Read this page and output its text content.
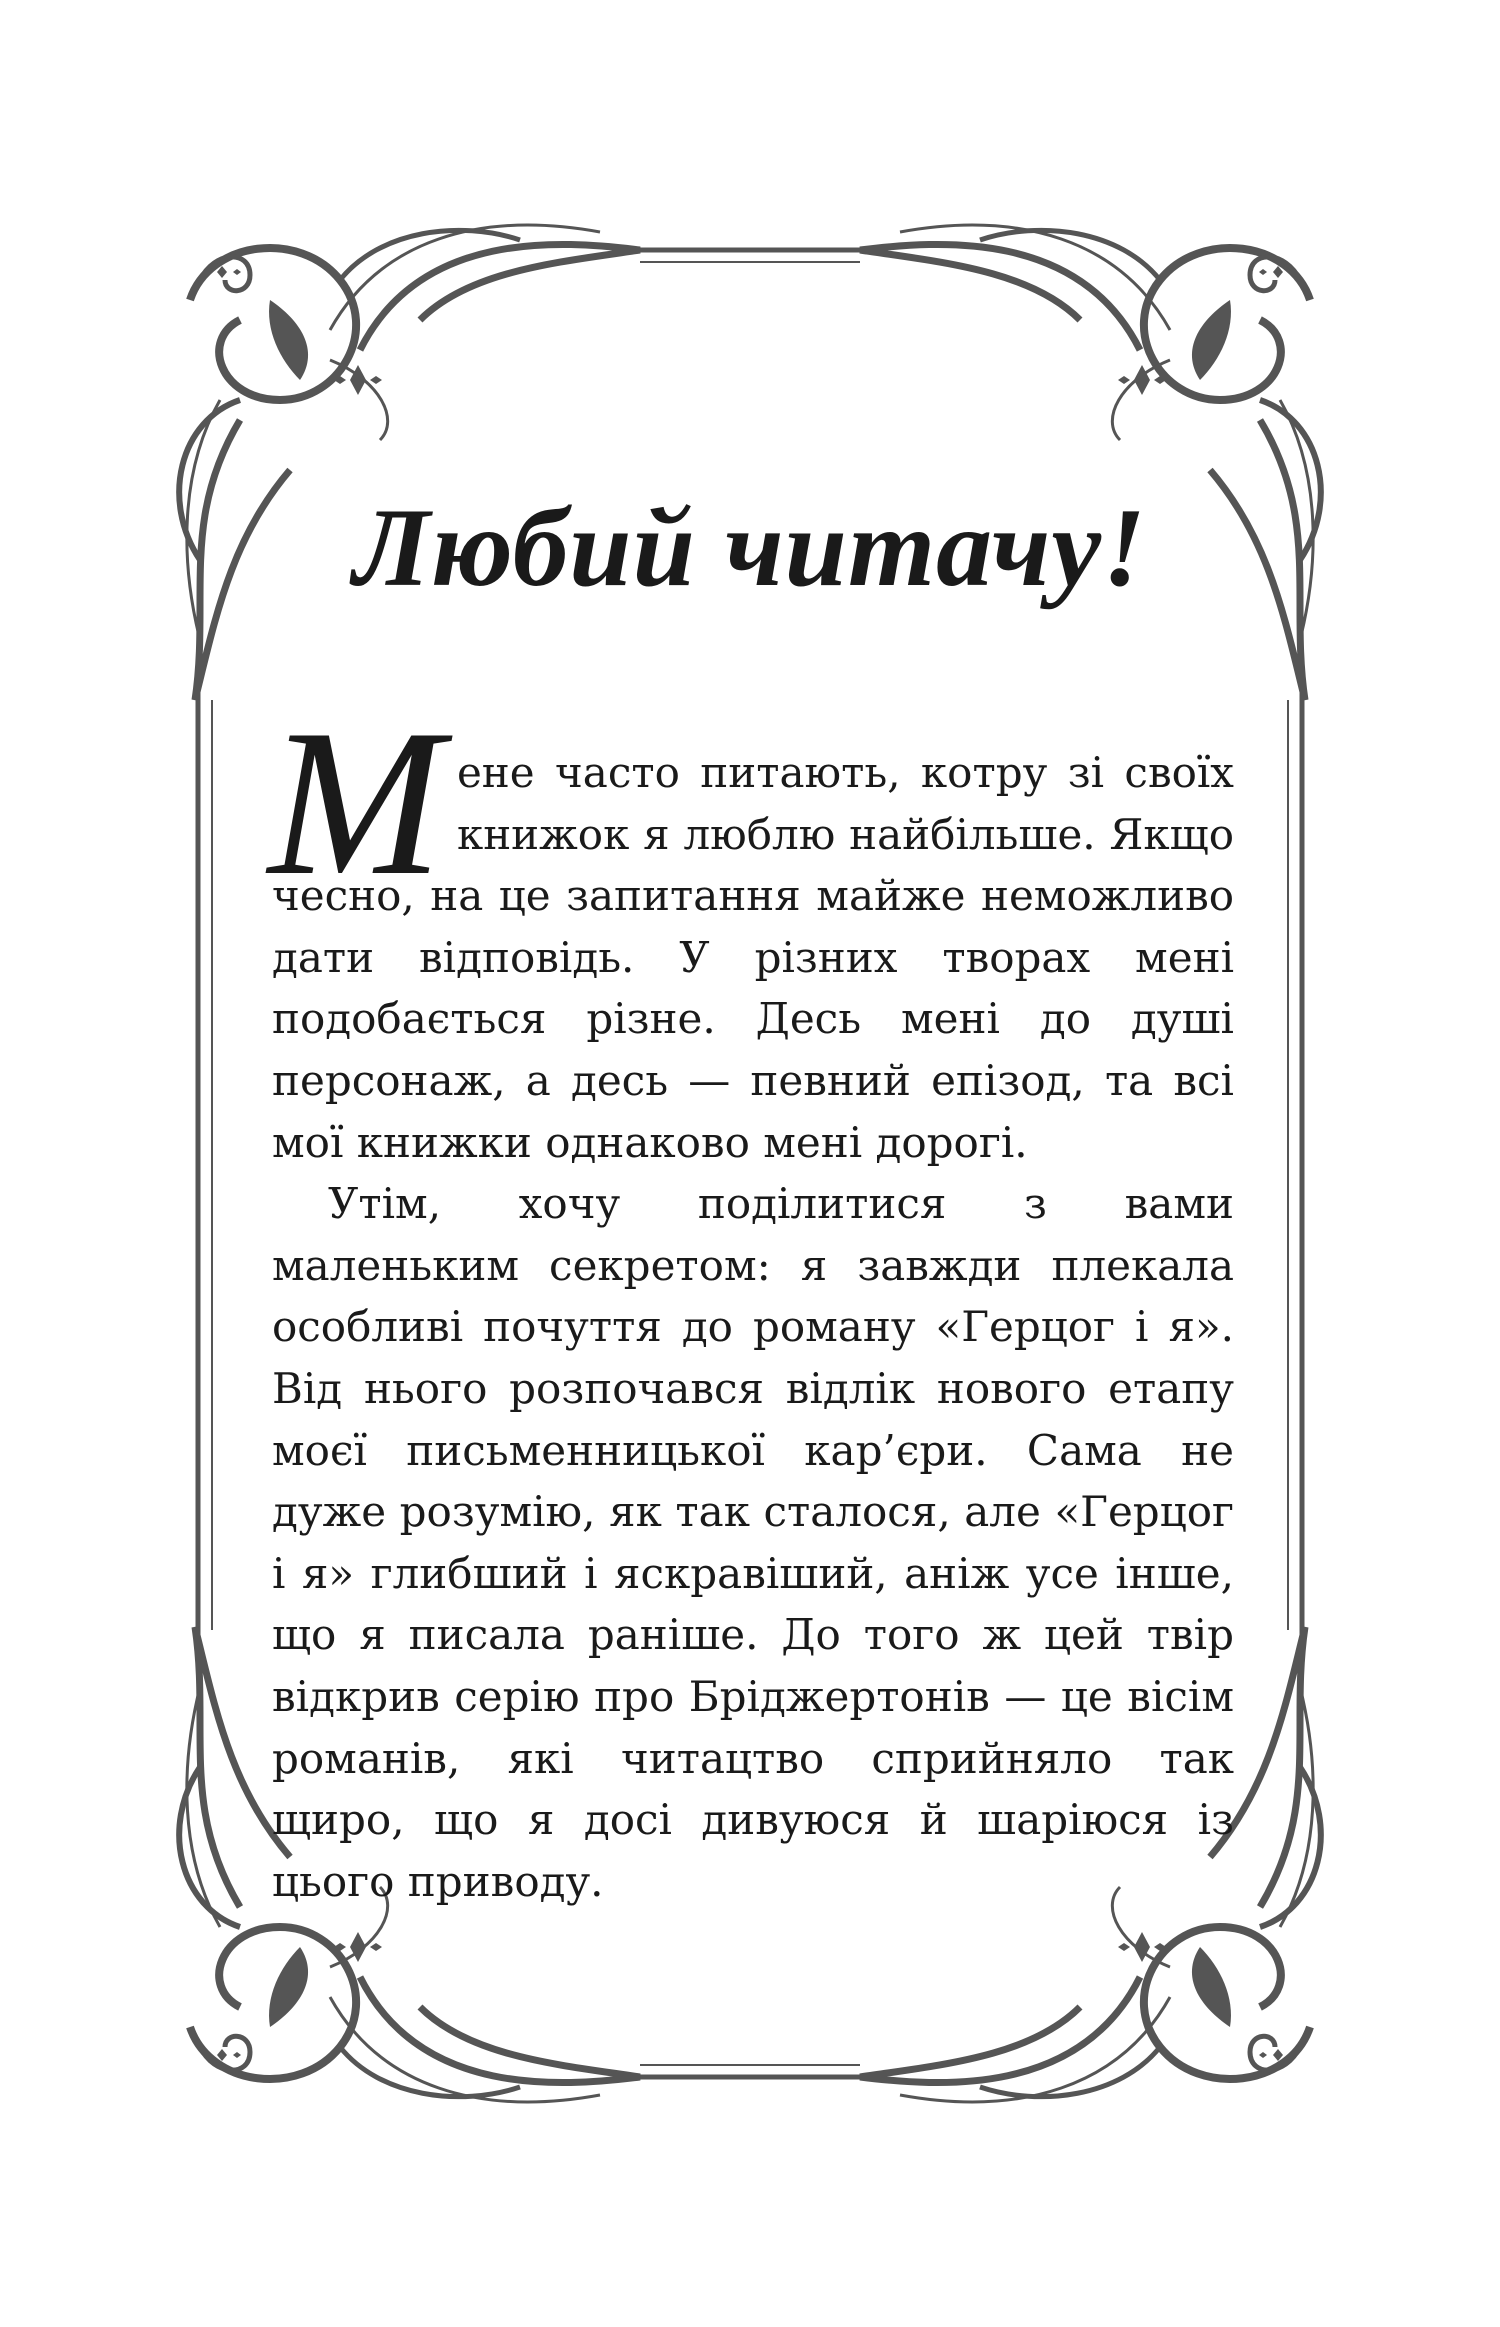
Любий читачу!

Мене часто питають, котру зі своїх книжок я люблю найбільше. Якщо чесно, на це запитання майже неможливо дати відповідь. У різних творах мені подобається різне. Десь мені до душі персонаж, а десь — певний епізод, та всі мої книжки однаково мені дорогі.

Утім, хочу поділитися з вами маленьким секретом: я завжди плекала особливі почуття до роману «Герцог і я». Від нього розпочався відлік нового етапу моєї письменницької кар’єри. Сама не дуже розумію, як так сталося, але «Герцог і я» глибший і яскравіший, аніж усе інше, що я писала раніше. До того ж цей твір відкрив серію про Бріджертонів — це вісім романів, які читацтво сприйняло так щиро, що я досі дивуюся й шаріюся із цього приводу.
